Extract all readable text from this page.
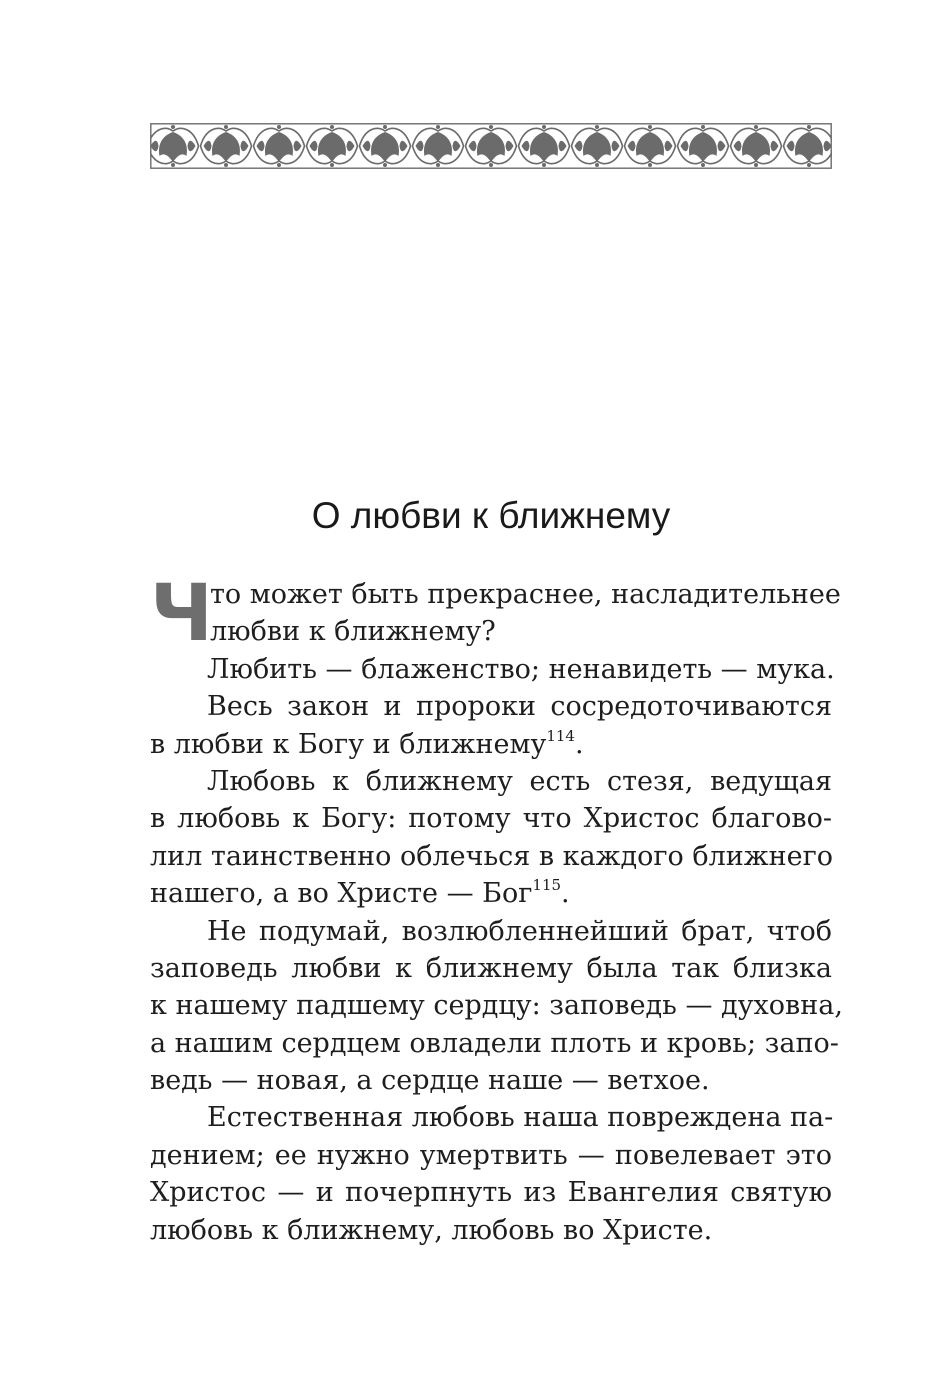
О любви к ближнему
Ч
то может быть прекраснее, насладительнее
любви к ближнему?
Любить — блаженство; ненавидеть — мука.
Весь закон и пророки сосредоточиваются
в любви к Богу и ближнему$^{114}$.
Любовь к ближнему есть стезя, ведущая
в любовь к Богу: потому что Христос благово-
лил таинственно облечься в каждого ближнего
нашего, а во Христе — Бог$^{115}$.
Не подумай, возлюбленнейший брат, чтоб
заповедь любви к ближнему была так близка
к нашему падшему сердцу: заповедь — духовна,
а нашим сердцем овладели плоть и кровь; запо-
ведь — новая, а сердце наше — ветхое.
Естественная любовь наша повреждена па-
дением; ее нужно умертвить — повелевает это
Христос — и почерпнуть из Евангелия святую
любовь к ближнему, любовь во Христе.
